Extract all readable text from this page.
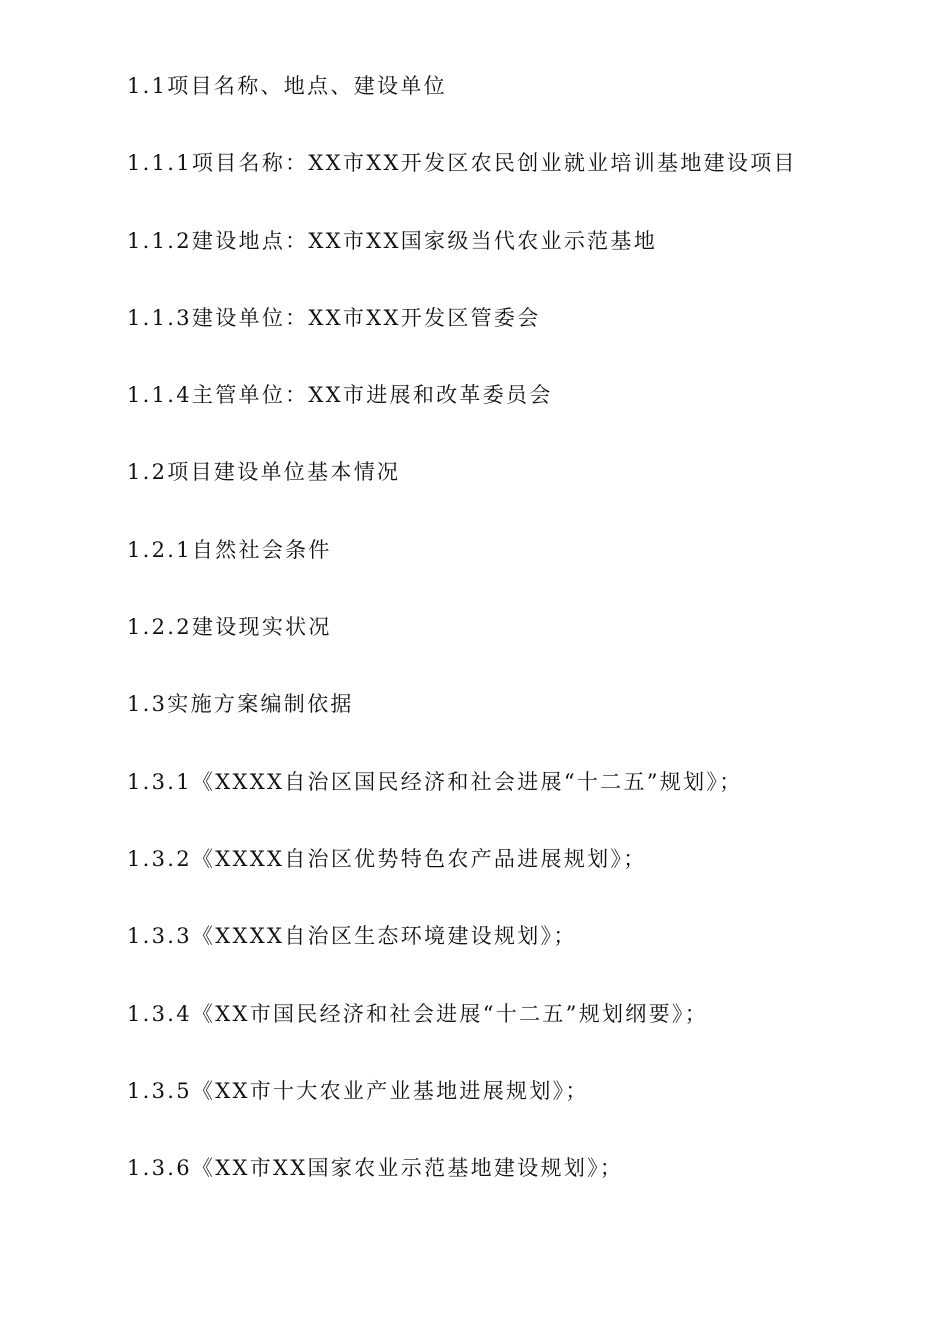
1.1项目名称、地点、建设单位
1.1.1项目名称：XX市XX开发区农民创业就业培训基地建设项目
1.1.2建设地点：XX市XX国家级当代农业示范基地
1.1.3建设单位：XX市XX开发区管委会
1.1.4主管单位：XX市进展和改革委员会
1.2项目建设单位基本情况
1.2.1自然社会条件
1.2.2建设现实状况
1.3实施方案编制依据
1.3.1《XXXX自治区国民经济和社会进展“十二五”规划》；
1.3.2《XXXX自治区优势特色农产品进展规划》；
1.3.3《XXXX自治区生态环境建设规划》；
1.3.4《XX市国民经济和社会进展“十二五”规划纲要》；
1.3.5《XX市十大农业产业基地进展规划》；
1.3.6《XX市XX国家农业示范基地建设规划》；
